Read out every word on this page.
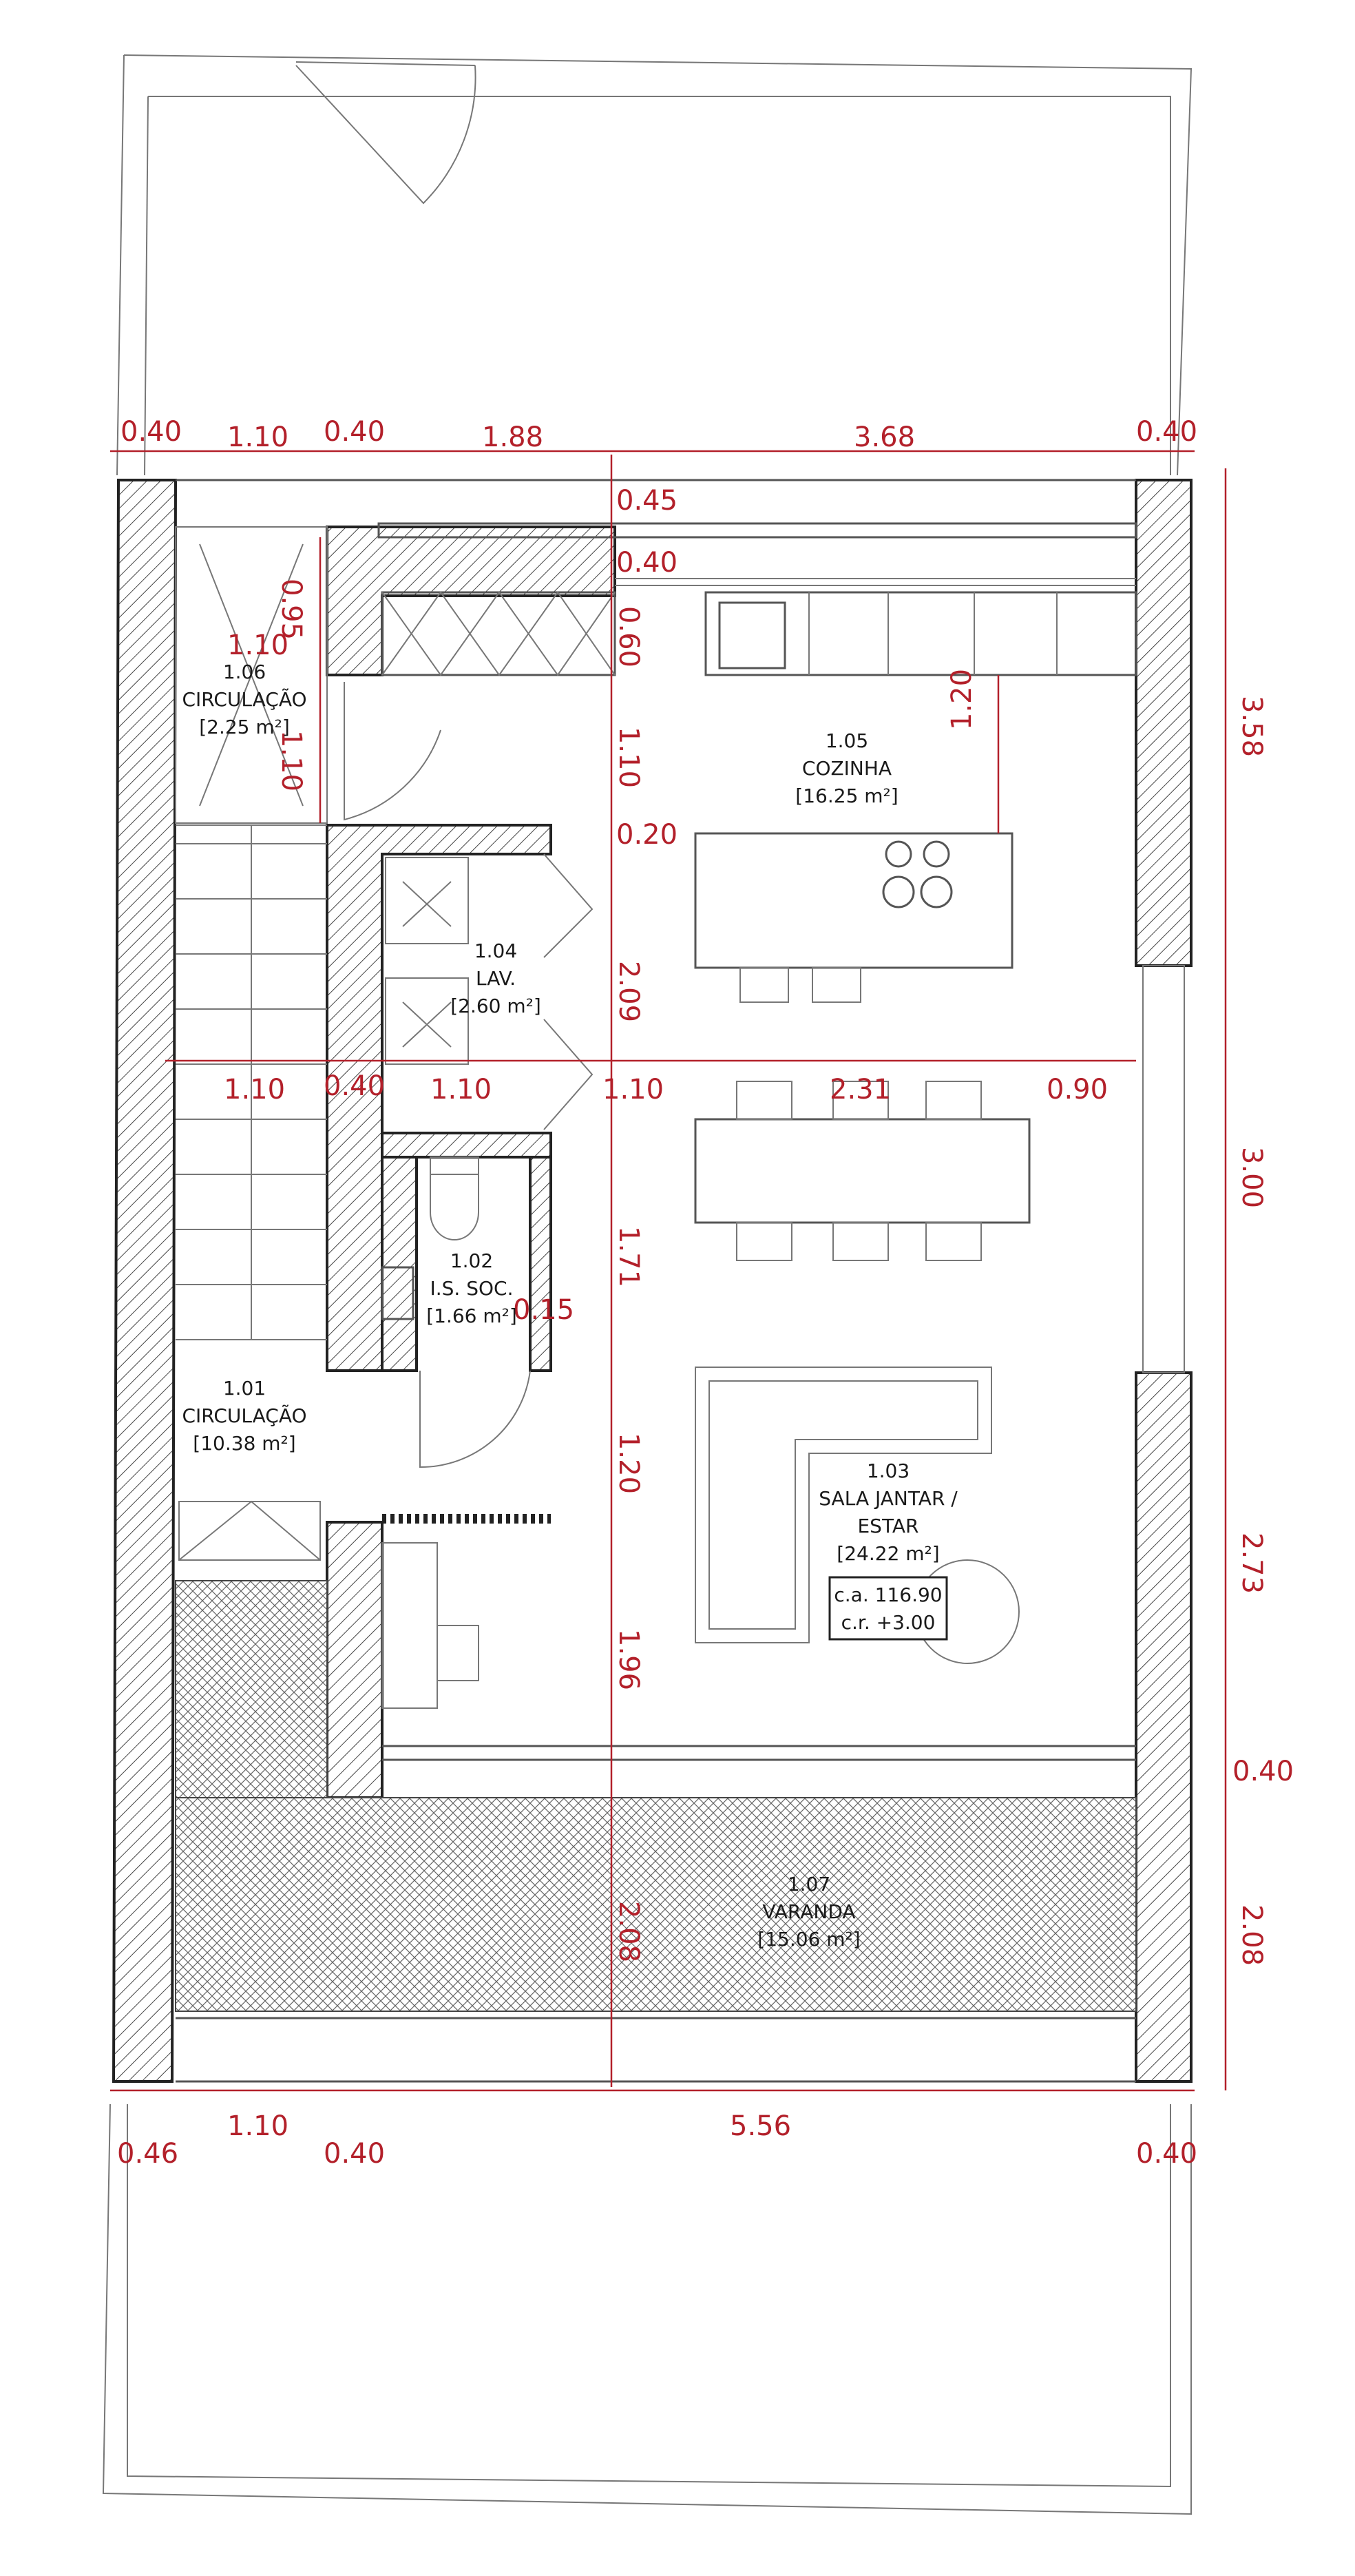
0.40 1.10 0.40	1.88	3.68	0.40
0.46
1.10
0.40
5.56
0.40
3.58
3.00
2.73
0.40
2.08
1.10 0.40 1.10	1.10	2.31	0.90
0.45
0.40
0.60
1.10
0.20
2.09
1.71
1.20
1.96
2.08
0.95
1.10
1.10
1.20
0.15
1.06
CIRCULAÇÃO
[2.25 m²]
1.05
COZINHA
[16.25 m²]
1.04
LAV.
[2.60 m²]
1.02
I.S. SOC.
[1.66 m²]
1.01
CIRCULAÇÃO
[10.38 m²]
1.03
SALA JANTAR /
ESTAR
[24.22 m²]
c.a. 116.90
c.r. +3.00
1.07
VARANDA
[15.06 m²]
